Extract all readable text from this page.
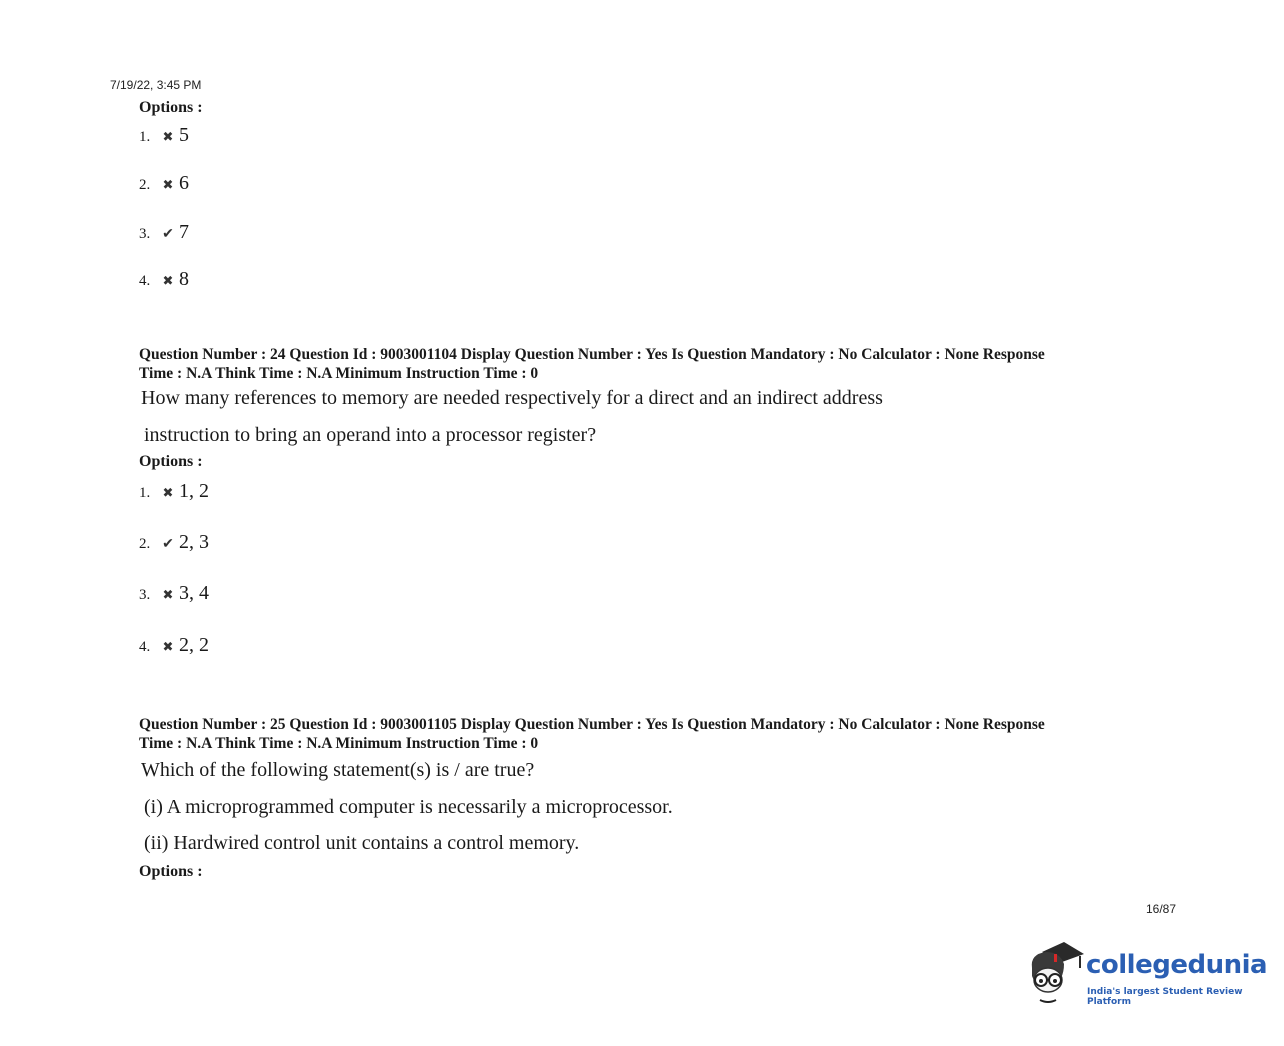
7/19/22, 3:45 PM
Options :
1. ✖ 5
2. ✖ 6
3. ✔ 7
4. ✖ 8
Question Number : 24 Question Id : 9003001104 Display Question Number : Yes Is Question Mandatory : No Calculator : None Response
Time : N.A Think Time : N.A Minimum Instruction Time : 0
How many references to memory are needed respectively for a direct and an indirect address
instruction to bring an operand into a processor register?
Options :
1. ✖ 1, 2
2. ✔ 2, 3
3. ✖ 3, 4
4. ✖ 2, 2
Question Number : 25 Question Id : 9003001105 Display Question Number : Yes Is Question Mandatory : No Calculator : None Response
Time : N.A Think Time : N.A Minimum Instruction Time : 0
Which of the following statement(s) is / are true?
(i) A microprogrammed computer is necessarily a microprocessor.
(ii) Hardwired control unit contains a control memory.
Options :
16/87
collegedunia
India's largest Student Review Platform
